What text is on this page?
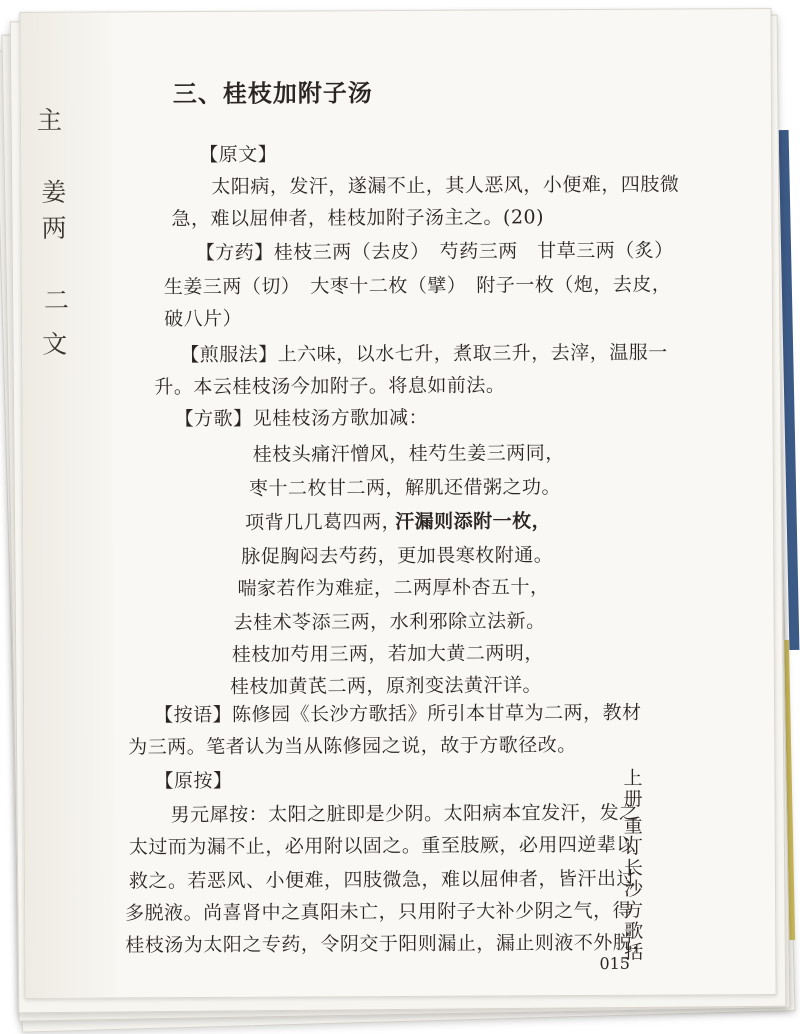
主
姜
两
二
文
三、桂枝加附子汤
【原文】
太阳病，发汗，遂漏不止，其人恶风，小便难，四肢微
急，难以屈伸者，桂枝加附子汤主之。(20)
【方药】桂枝三两（去皮）　芍药三两　甘草三两（炙）
生姜三两（切）　大枣十二枚（擘）　附子一枚（炮，去皮，
破八片）
【煎服法】上六味，以水七升，煮取三升，去滓，温服一
升。本云桂枝汤今加附子。将息如前法。
【方歌】见桂枝汤方歌加减：
桂枝头痛汗憎风，桂芍生姜三两同，
枣十二枚甘二两，解肌还借粥之功。
项背几几葛四两，
汗漏则添附一枚，
脉促胸闷去芍药，更加畏寒枚附通。
喘家若作为难症，二两厚朴杏五十，
去桂术苓添三两，水利邪除立法新。
桂枝加芍用三两，若加大黄二两明，
桂枝加黄芪二两，原剂变法黄汗详。
【按语】陈修园《长沙方歌括》所引本甘草为二两，教材
为三两。笔者认为当从陈修园之说，故于方歌径改。
【原按】
男元犀按：太阳之脏即是少阴。太阳病本宜发汗，发之
太过而为漏不止，必用附以固之。重至肢厥，必用四逆辈以
救之。若恶风、小便难，四肢微急，难以屈伸者，皆汗出过
多脱液。尚喜肾中之真阳未亡，只用附子大补少阴之气，得
桂枝汤为太阳之专药，令阴交于阳则漏止，漏止则液不外脱，
上册
重订长沙方歌括
015
